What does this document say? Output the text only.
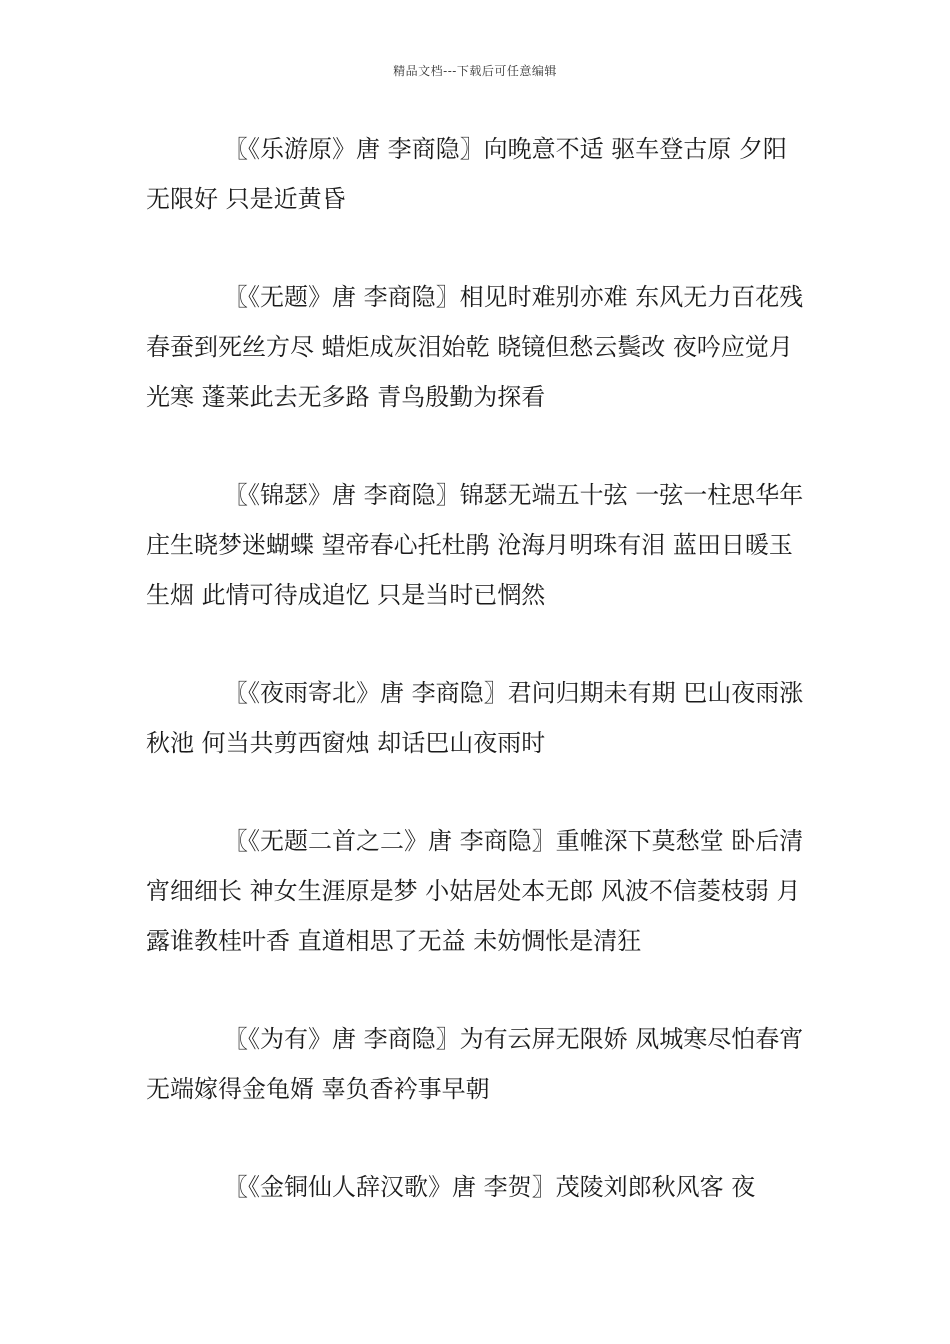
精品文档---下载后可任意编辑

〖《乐游原》唐 李商隐〗向晚意不适 驱车登古原 夕阳无限好 只是近黄昏

〖《无题》唐 李商隐〗相见时难别亦难 东风无力百花残 春蚕到死丝方尽 蜡炬成灰泪始乾 晓镜但愁云鬓改 夜吟应觉月光寒 蓬莱此去无多路 青鸟殷勤为探看

〖《锦瑟》唐 李商隐〗锦瑟无端五十弦 一弦一柱思华年 庄生晓梦迷蝴蝶 望帝春心托杜鹃 沧海月明珠有泪 蓝田日暖玉生烟 此情可待成追忆 只是当时已惘然

〖《夜雨寄北》唐 李商隐〗君问归期未有期 巴山夜雨涨秋池 何当共剪西窗烛 却话巴山夜雨时

〖《无题二首之二》唐 李商隐〗重帷深下莫愁堂 卧后清宵细细长 神女生涯原是梦 小姑居处本无郎 风波不信菱枝弱 月露谁教桂叶香 直道相思了无益 未妨惆怅是清狂

〖《为有》唐 李商隐〗为有云屏无限娇 凤城寒尽怕春宵 无端嫁得金龟婿 辜负香衿事早朝

〖《金铜仙人辞汉歌》唐 李贺〗茂陵刘郎秋风客 夜
